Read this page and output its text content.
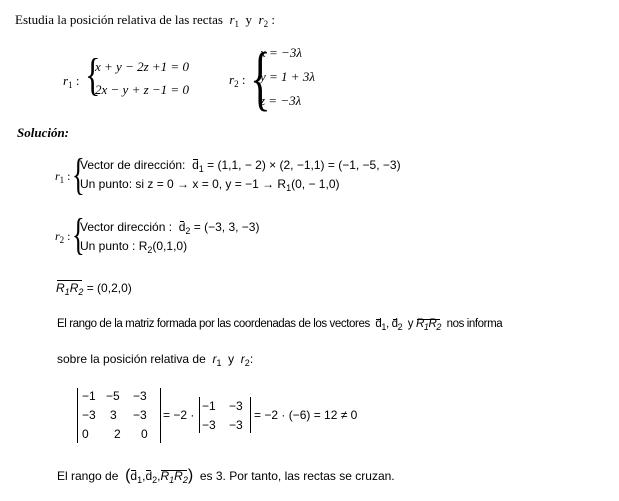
Estudia la posición relativa de las rectas $r_1$ y $r_2$ :
$r_1$ : {
x + y − 2z +1 = 0
2x − y + z −1 = 0
$r_2$ : {
x = −3λ
y = 1 + 3λ
z = −3λ
Solución:
$r_1$ : {
Vector de dirección: $d_1 = (1,1$, − 2) × (2, −1,1) = (−1, −5, −3)
Un punto: si z = 0 → x = 0, $y = -1 \to R_1(0$, − 1,0)
$r_2$ : {
Vector dirección : $d_2 = (-3$, 3, −3)
Un punto : $R_2(0,1,0)$
$R_1R_2 = (0,2,0)$
El rango de la matriz formada por las coordenadas de los vectores $d_1$, $d_2$ y $R_1R_2$ nos informa
sobre la posición relativa de $r_1$ y $r_2$:
−1 −5 −3
−3 3 −3
0 2 0
= −2 ·
−1 −3
−3 −3
= −2 · (−6) = 12 ≠ 0
El rango de $(d_1,d_2,R_1R_2)$ es 3. Por tanto, las rectas se cruzan.
